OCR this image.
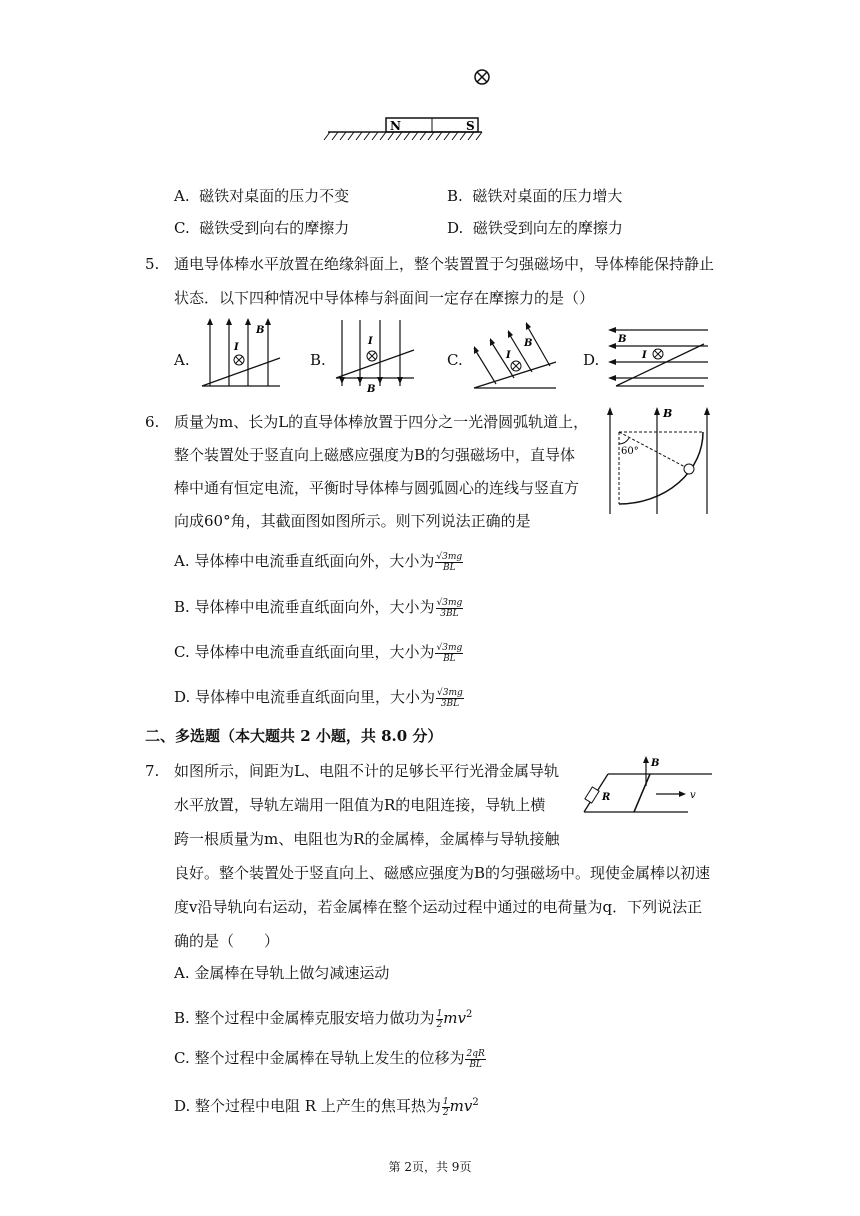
N	S
A. 磁铁对桌面的压力不变	B. 磁铁对桌面的压力增大
C. 磁铁受到向右的摩擦力	D. 磁铁受到向左的摩擦力
5. 通电导体棒水平放置在绝缘斜面上，整个装置置于匀强磁场中，导体棒能保持静止
状态．以下四种情况中导体棒与斜面间一定存在摩擦力的是（）
A.
B
I
B.
I
B
C.	I
B
D.
B
I
6. 质量为m、长为L的直导体棒放置于四分之一光滑圆弧轨道上，
整个装置处于竖直向上磁感应强度为B的匀强磁场中，直导体
棒中通有恒定电流，平衡时导体棒与圆弧圆心的连线与竖直方
向成60°角，其截面图如图所示。则下列说法正确的是
B
60°
A. 导体棒中电流垂直纸面向外，大小为 $\frac{√3mg}{BL}$
B. 导体棒中电流垂直纸面向外，大小为 $\frac{√3mg}{3BL}$
C. 导体棒中电流垂直纸面向里，大小为 $\frac{√3mg}{BL}$
D. 导体棒中电流垂直纸面向里，大小为 $\frac{√3mg}{3BL}$
二、多选题（本大题共 2 小题，共 8.0 分）
7. 如图所示，间距为L、电阻不计的足够长平行光滑金属导轨
水平放置，导轨左端用一阻值为R的电阻连接，导轨上横
跨一根质量为m、电阻也为R的金属棒，金属棒与导轨接触
良好。整个装置处于竖直向上、磁感应强度为B的匀强磁场中。现使金属棒以初速
度v沿导轨向右运动，若金属棒在整个运动过程中通过的电荷量为q．下列说法正
确的是（　　）
R
B
v
A. 金属棒在导轨上做匀减速运动
B. 整个过程中金属棒克服安培力做功为 $\frac{1}{2} mv^2$
C. 整个过程中金属棒在导轨上发生的位移为 $\frac{2qR}{BL}$
D. 整个过程中电阻 R 上产生的焦耳热为 $\frac{1}{2} mv^2$
第 2页，共 9页
